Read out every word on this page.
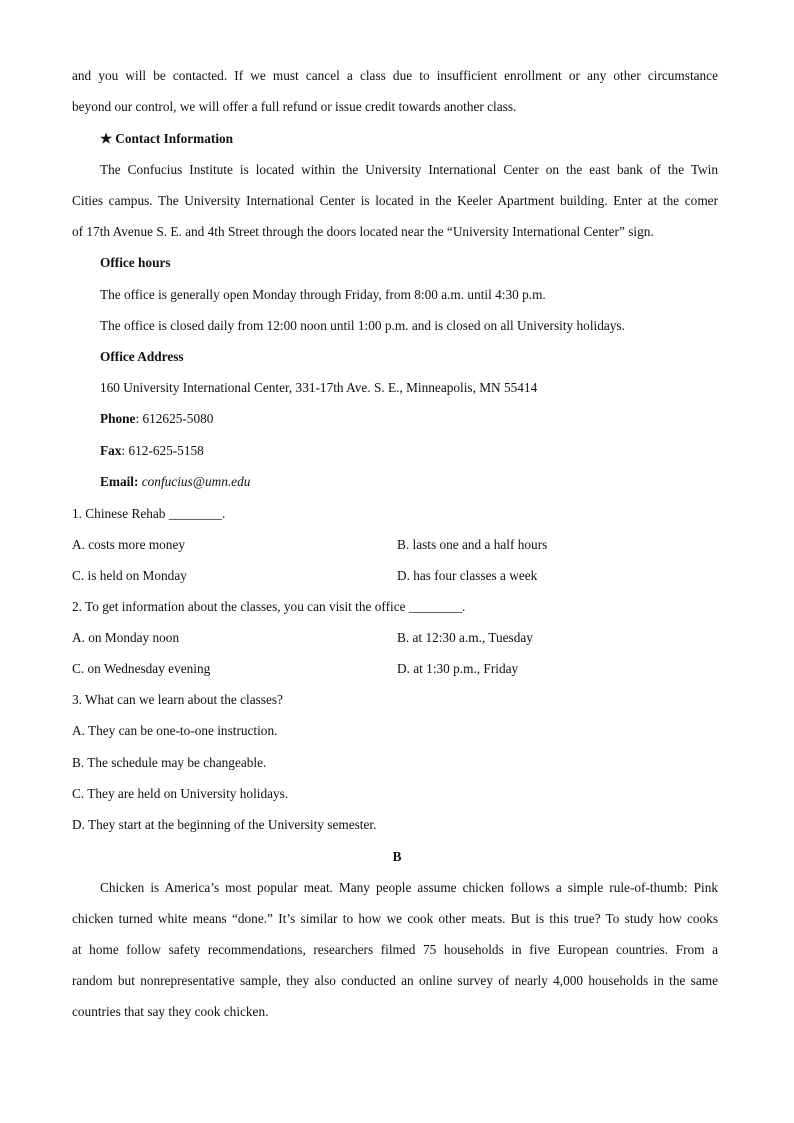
and you will be contacted. If we must cancel a class due to insufficient enrollment or any other circumstance
beyond our control, we will offer a full refund or issue credit towards another class.
★ Contact Information
The Confucius Institute is located within the University International Center on the east bank of the Twin
Cities campus. The University International Center is located in the Keeler Apartment building. Enter at the comer
of 17th Avenue S. E. and 4th Street through the doors located near the “University International Center” sign.
Office hours
The office is generally open Monday through Friday, from 8:00 a.m. until 4:30 p.m.
The office is closed daily from 12:00 noon until 1:00 p.m. and is closed on all University holidays.
Office Address
160 University International Center, 331-17th Ave. S. E., Minneapolis, MN 55414
Phone: 612625-5080
Fax: 612-625-5158
Email: confucius@umn.edu
1. Chinese Rehab ________.
A. costs more money	B. lasts one and a half hours
C. is held on Monday	D. has four classes a week
2. To get information about the classes, you can visit the office ________.
A. on Monday noon	B. at 12:30 a.m., Tuesday
C. on Wednesday evening	D. at 1:30 p.m., Friday
3. What can we learn about the classes?
A. They can be one-to-one instruction.
B. The schedule may be changeable.
C. They are held on University holidays.
D. They start at the beginning of the University semester.
B
Chicken is America’s most popular meat. Many people assume chicken follows a simple rule-of-thumb: Pink
chicken turned white means “done.” It’s similar to how we cook other meats. But is this true? To study how cooks
at home follow safety recommendations, researchers filmed 75 households in five European countries. From a
random but nonrepresentative sample, they also conducted an online survey of nearly 4,000 households in the same
countries that say they cook chicken.
